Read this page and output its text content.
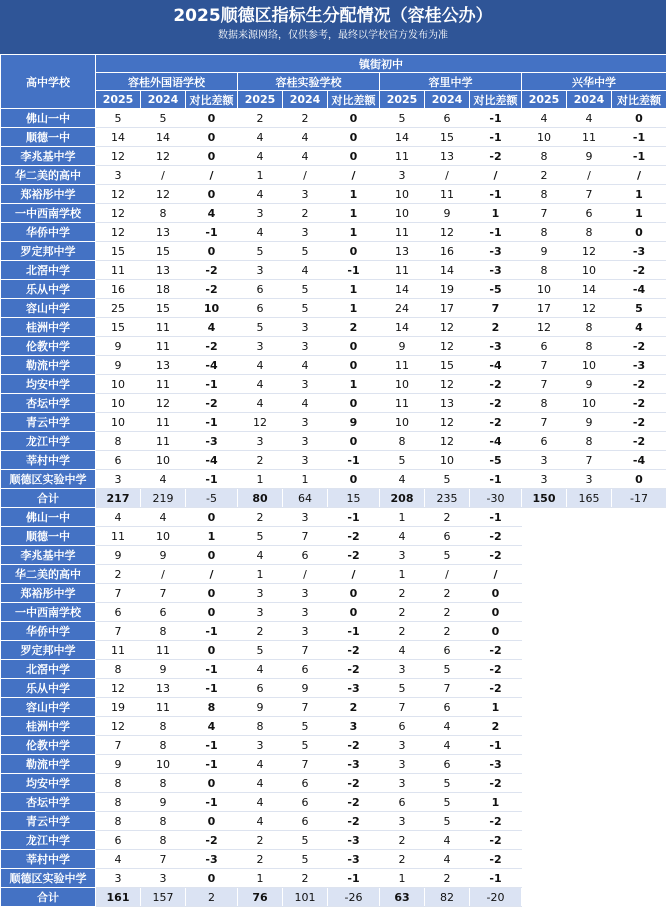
2025顺德区指标生分配情况（容桂公办）
数据来源网络，仅供参考，最终以学校官方发布为准
高中学校	镇街初中											
	容桂外国语学校			容桂实验学校			容里中学			兴华中学		
	2025	2024	对比差额	2025	2024	对比差额	2025	2024	对比差额	2025	2024	对比差额
佛山一中	5	5	0	2	2	0	5	6	-1	4	4	0
顺德一中	14	14	0	4	4	0	14	15	-1	10	11	-1
李兆基中学	12	12	0	4	4	0	11	13	-2	8	9	-1
华二美的高中	3	/	/	1	/	/	3	/	/	2	/	/
郑裕彤中学	12	12	0	4	3	1	10	11	-1	8	7	1
一中西南学校	12	8	4	3	2	1	10	9	1	7	6	1
华侨中学	12	13	-1	4	3	1	11	12	-1	8	8	0
罗定邦中学	15	15	0	5	5	0	13	16	-3	9	12	-3
北滘中学	11	13	-2	3	4	-1	11	14	-3	8	10	-2
乐从中学	16	18	-2	6	5	1	14	19	-5	10	14	-4
容山中学	25	15	10	6	5	1	24	17	7	17	12	5
桂洲中学	15	11	4	5	3	2	14	12	2	12	8	4
伦教中学	9	11	-2	3	3	0	9	12	-3	6	8	-2
勒流中学	9	13	-4	4	4	0	11	15	-4	7	10	-3
均安中学	10	11	-1	4	3	1	10	12	-2	7	9	-2
杏坛中学	10	12	-2	4	4	0	11	13	-2	8	10	-2
青云中学	10	11	-1	12	3	9	10	12	-2	7	9	-2
龙江中学	8	11	-3	3	3	0	8	12	-4	6	8	-2
莘村中学	6	10	-4	2	3	-1	5	10	-5	3	7	-4
顺德区实验中学	3	4	-1	1	1	0	4	5	-1	3	3	0
合计	217	219	-5	80	64	15	208	235	-30	150	165	-17
佛山一中	4	4	0	2	3	-1	1	2	-1			
顺德一中	11	10	1	5	7	-2	4	6	-2			
李兆基中学	9	9	0	4	6	-2	3	5	-2			
华二美的高中	2	/	/	1	/	/	1	/	/			
郑裕彤中学	7	7	0	3	3	0	2	2	0			
一中西南学校	6	6	0	3	3	0	2	2	0			
华侨中学	7	8	-1	2	3	-1	2	2	0			
罗定邦中学	11	11	0	5	7	-2	4	6	-2			
北滘中学	8	9	-1	4	6	-2	3	5	-2			
乐从中学	12	13	-1	6	9	-3	5	7	-2			
容山中学	19	11	8	9	7	2	7	6	1			
桂洲中学	12	8	4	8	5	3	6	4	2			
伦教中学	7	8	-1	3	5	-2	3	4	-1			
勒流中学	9	10	-1	4	7	-3	3	6	-3			
均安中学	8	8	0	4	6	-2	3	5	-2			
杏坛中学	8	9	-1	4	6	-2	6	5	1			
青云中学	8	8	0	4	6	-2	3	5	-2			
龙江中学	6	8	-2	2	5	-3	2	4	-2			
莘村中学	4	7	-3	2	5	-3	2	4	-2			
顺德区实验中学	3	3	0	1	2	-1	1	2	-1			
合计	161	157	2	76	101	-26	63	82	-20			
